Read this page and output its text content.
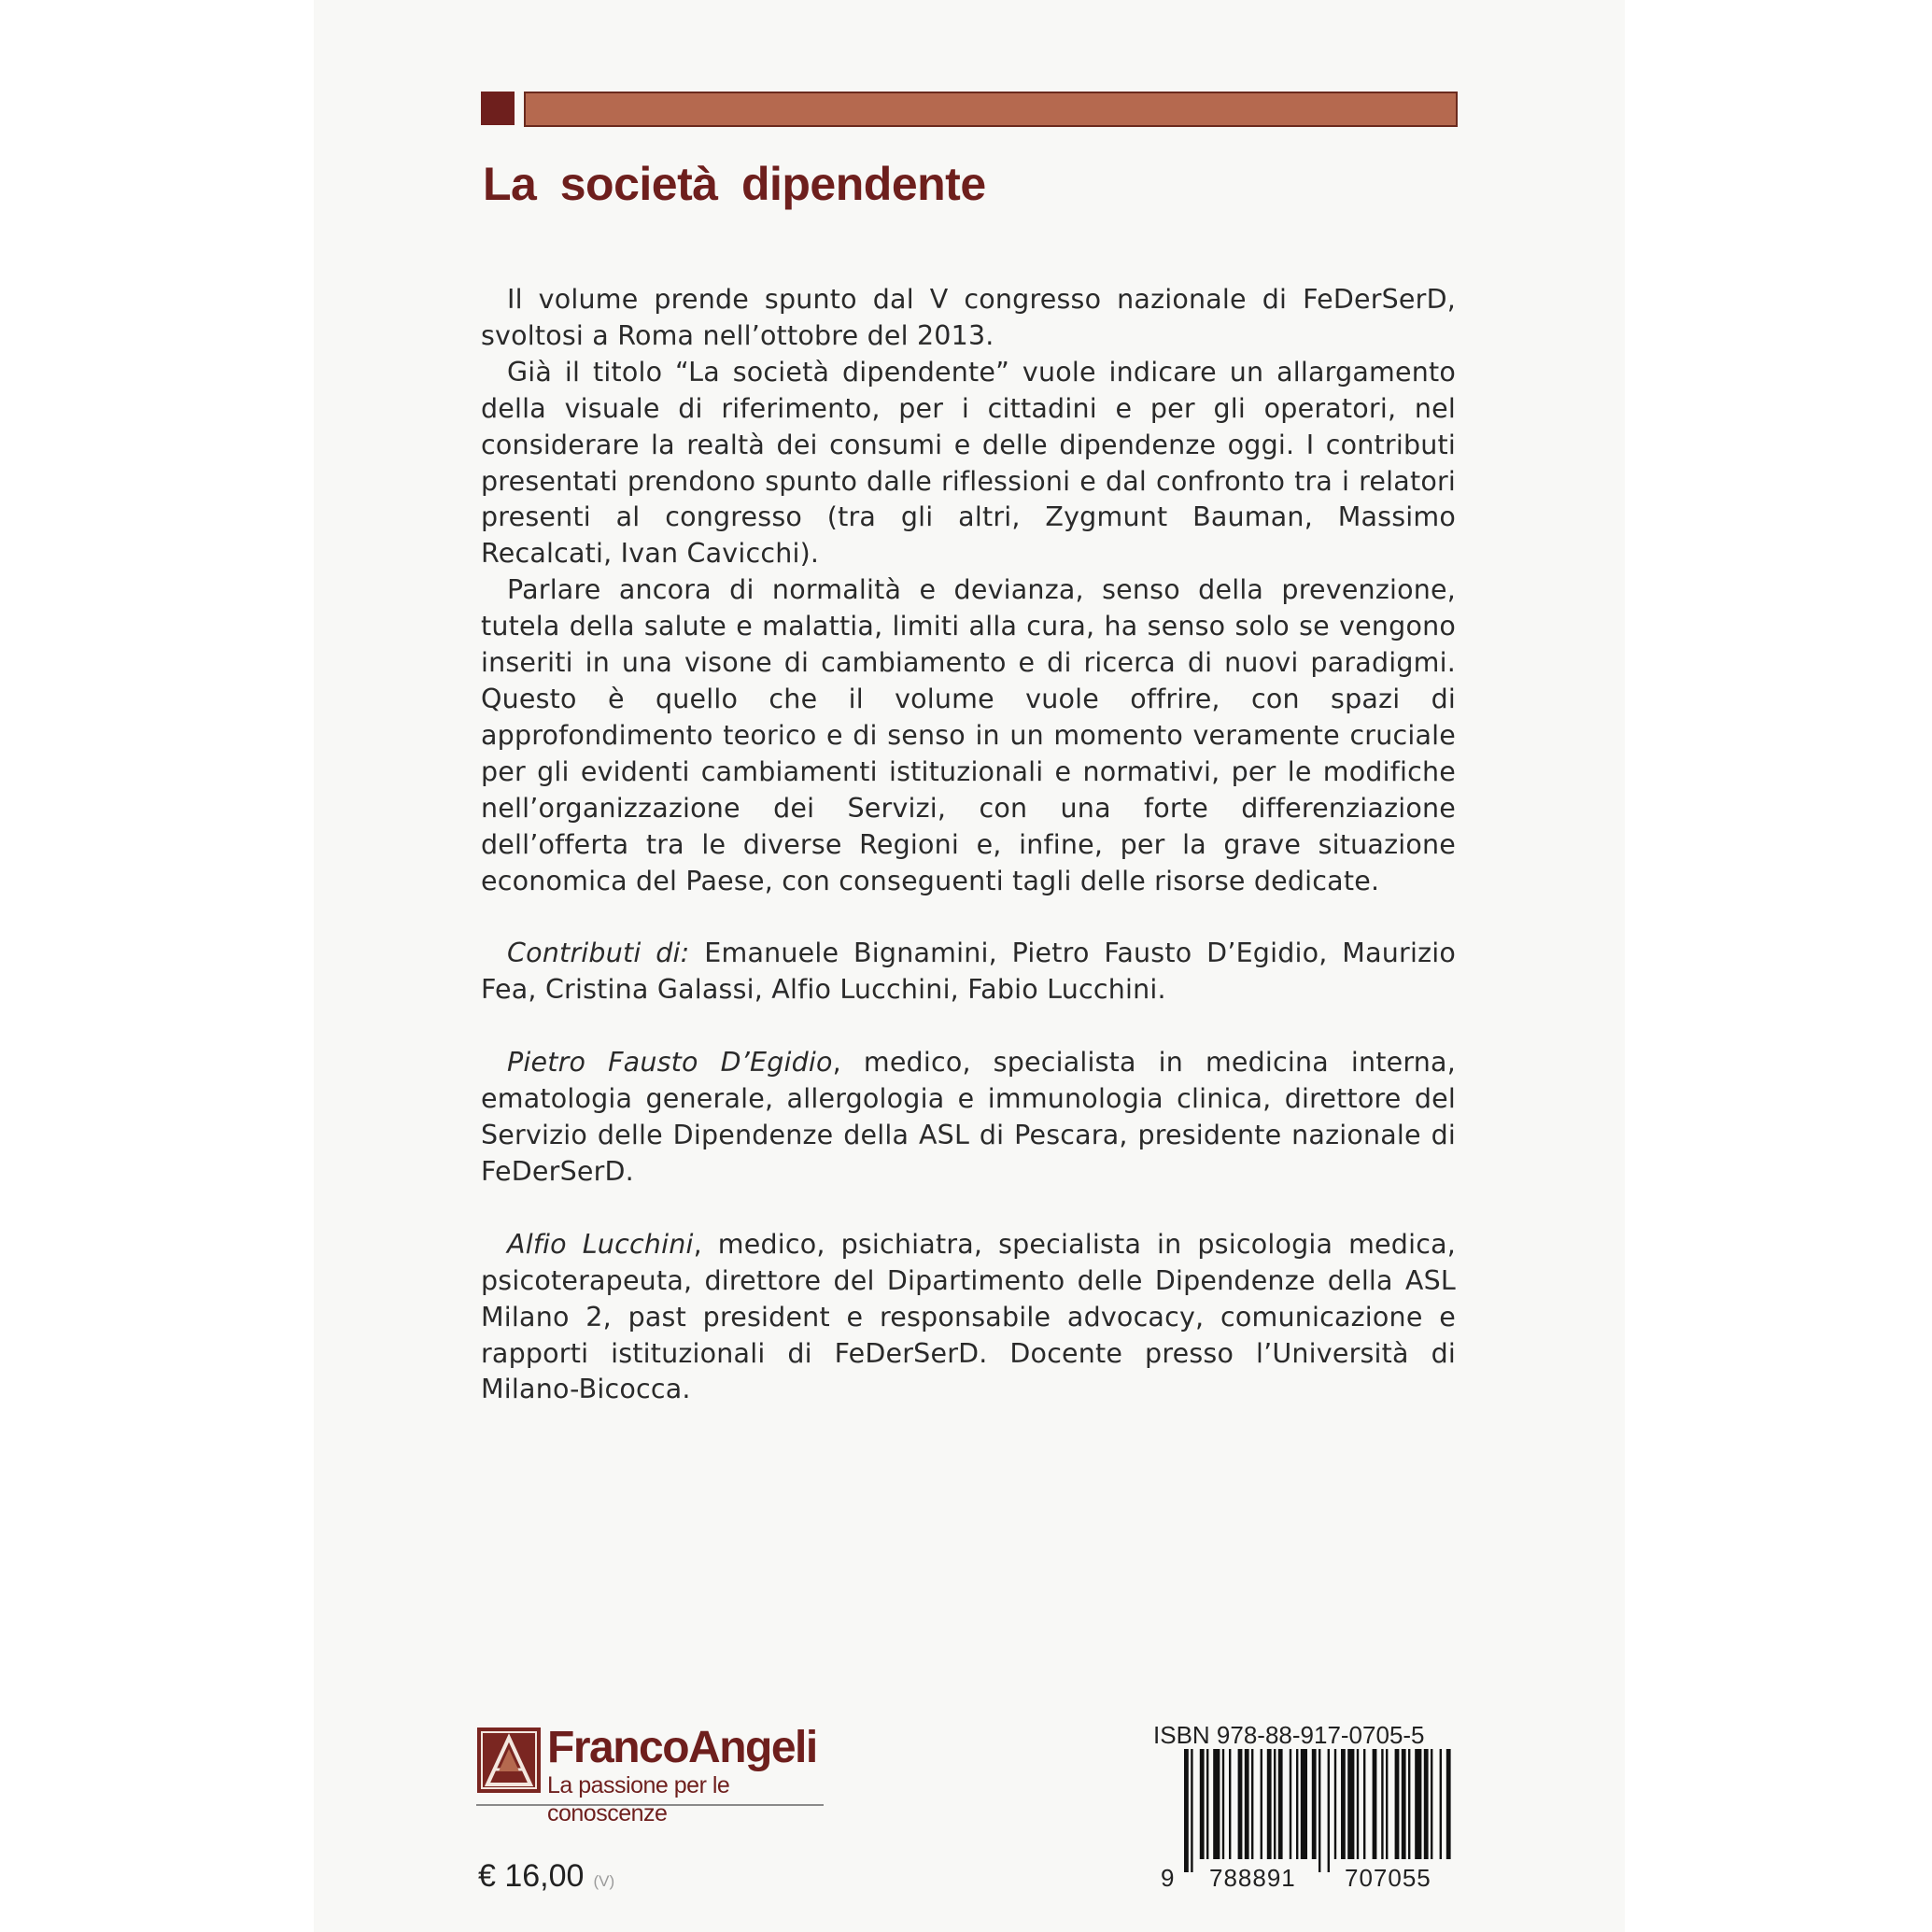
La società dipendente

Il volume prende spunto dal V congresso nazionale di FeDerSerD, svoltosi a Roma nell’ottobre del 2013.

Già il titolo “La società dipendente” vuole indicare un allargamento della visuale di riferimento, per i cittadini e per gli operatori, nel considerare la realtà dei consumi e delle dipendenze oggi. I contributi presentati prendono spunto dalle riflessioni e dal confronto tra i relatori presenti al congresso (tra gli altri, Zygmunt Bauman, Massimo Recalcati, Ivan Cavicchi).

Parlare ancora di normalità e devianza, senso della prevenzione, tutela della salute e malattia, limiti alla cura, ha senso solo se vengono inseriti in una visone di cambiamento e di ricerca di nuovi paradigmi. Questo è quello che il volume vuole offrire, con spazi di approfondimento teorico e di senso in un momento veramente cruciale per gli evidenti cambiamenti istituzionali e normativi, per le modifiche nell’organizzazione dei Servizi, con una forte differenziazione dell’offerta tra le diverse Regioni e, infine, per la grave situazione economica del Paese, con conseguenti tagli delle risorse dedicate.

Contributi di: Emanuele Bignamini, Pietro Fausto D’Egidio, Maurizio Fea, Cristina Galassi, Alfio Lucchini, Fabio Lucchini.

Pietro Fausto D’Egidio, medico, specialista in medicina interna, ematologia generale, allergologia e immunologia clinica, direttore del Servizio delle Dipendenze della ASL di Pescara, presidente nazionale di FeDerSerD.

Alfio Lucchini, medico, psichiatra, specialista in psicologia medica, psicoterapeuta, direttore del Dipartimento delle Dipendenze della ASL Milano 2, past president e responsabile advocacy, comunicazione e rapporti istituzionali di FeDerSerD. Docente presso l’Università di Milano-Bicocca.

FrancoAngeli

La passione per le conoscenze

€ 16,00 (V)
ISBN 978-88-917-0705-5
9 788891 707055
